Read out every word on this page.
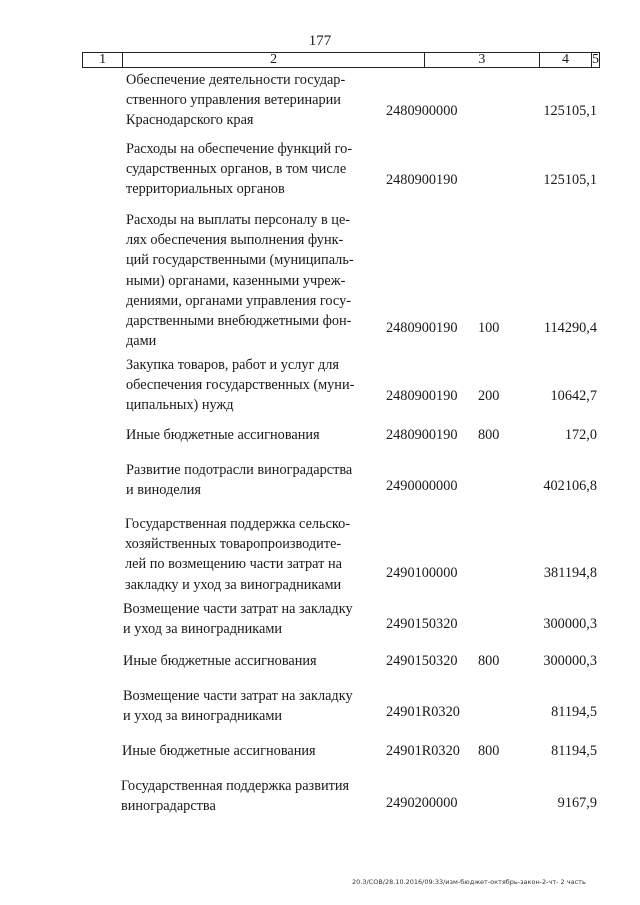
177
1	2	3	4	5
Обеспечение деятельности государ-
ственного управления ветеринарии
Краснодарского края
2480900000	125105,1
Расходы на обеспечение функций го-
сударственных органов, в том числе
территориальных органов
2480900190	125105,1
Расходы на выплаты персоналу в це-
лях обеспечения выполнения функ-
ций государственными (муниципаль-
ными) органами, казенными учреж-
дениями, органами управления госу-
дарственными внебюджетными фон-
дами
2480900190 100	114290,4
Закупка товаров, работ и услуг для
обеспечения государственных (муни-
ципальных) нужд
2480900190 200	10642,7
Иные бюджетные ассигнования	2480900190 800	172,0
Развитие подотрасли виноградарства
и виноделия	2490000000	402106,8
Государственная поддержка сельско-
хозяйственных товаропроизводите-
лей по возмещению части затрат на
закладку и уход за виноградниками
2490100000	381194,8
Возмещение части затрат на закладку
и уход за виноградниками	2490150320	300000,3
Иные бюджетные ассигнования	2490150320 800	300000,3
Возмещение части затрат на закладку
и уход за виноградниками	24901R0320	81194,5
Иные бюджетные ассигнования	24901R0320 800	81194,5
Государственная поддержка развития
виноградарства	2490200000	9167,9
20.3/СОВ/28.10.2016/09:33/изм-бюджет-октябрь-закон-2-чт- 2 часть
